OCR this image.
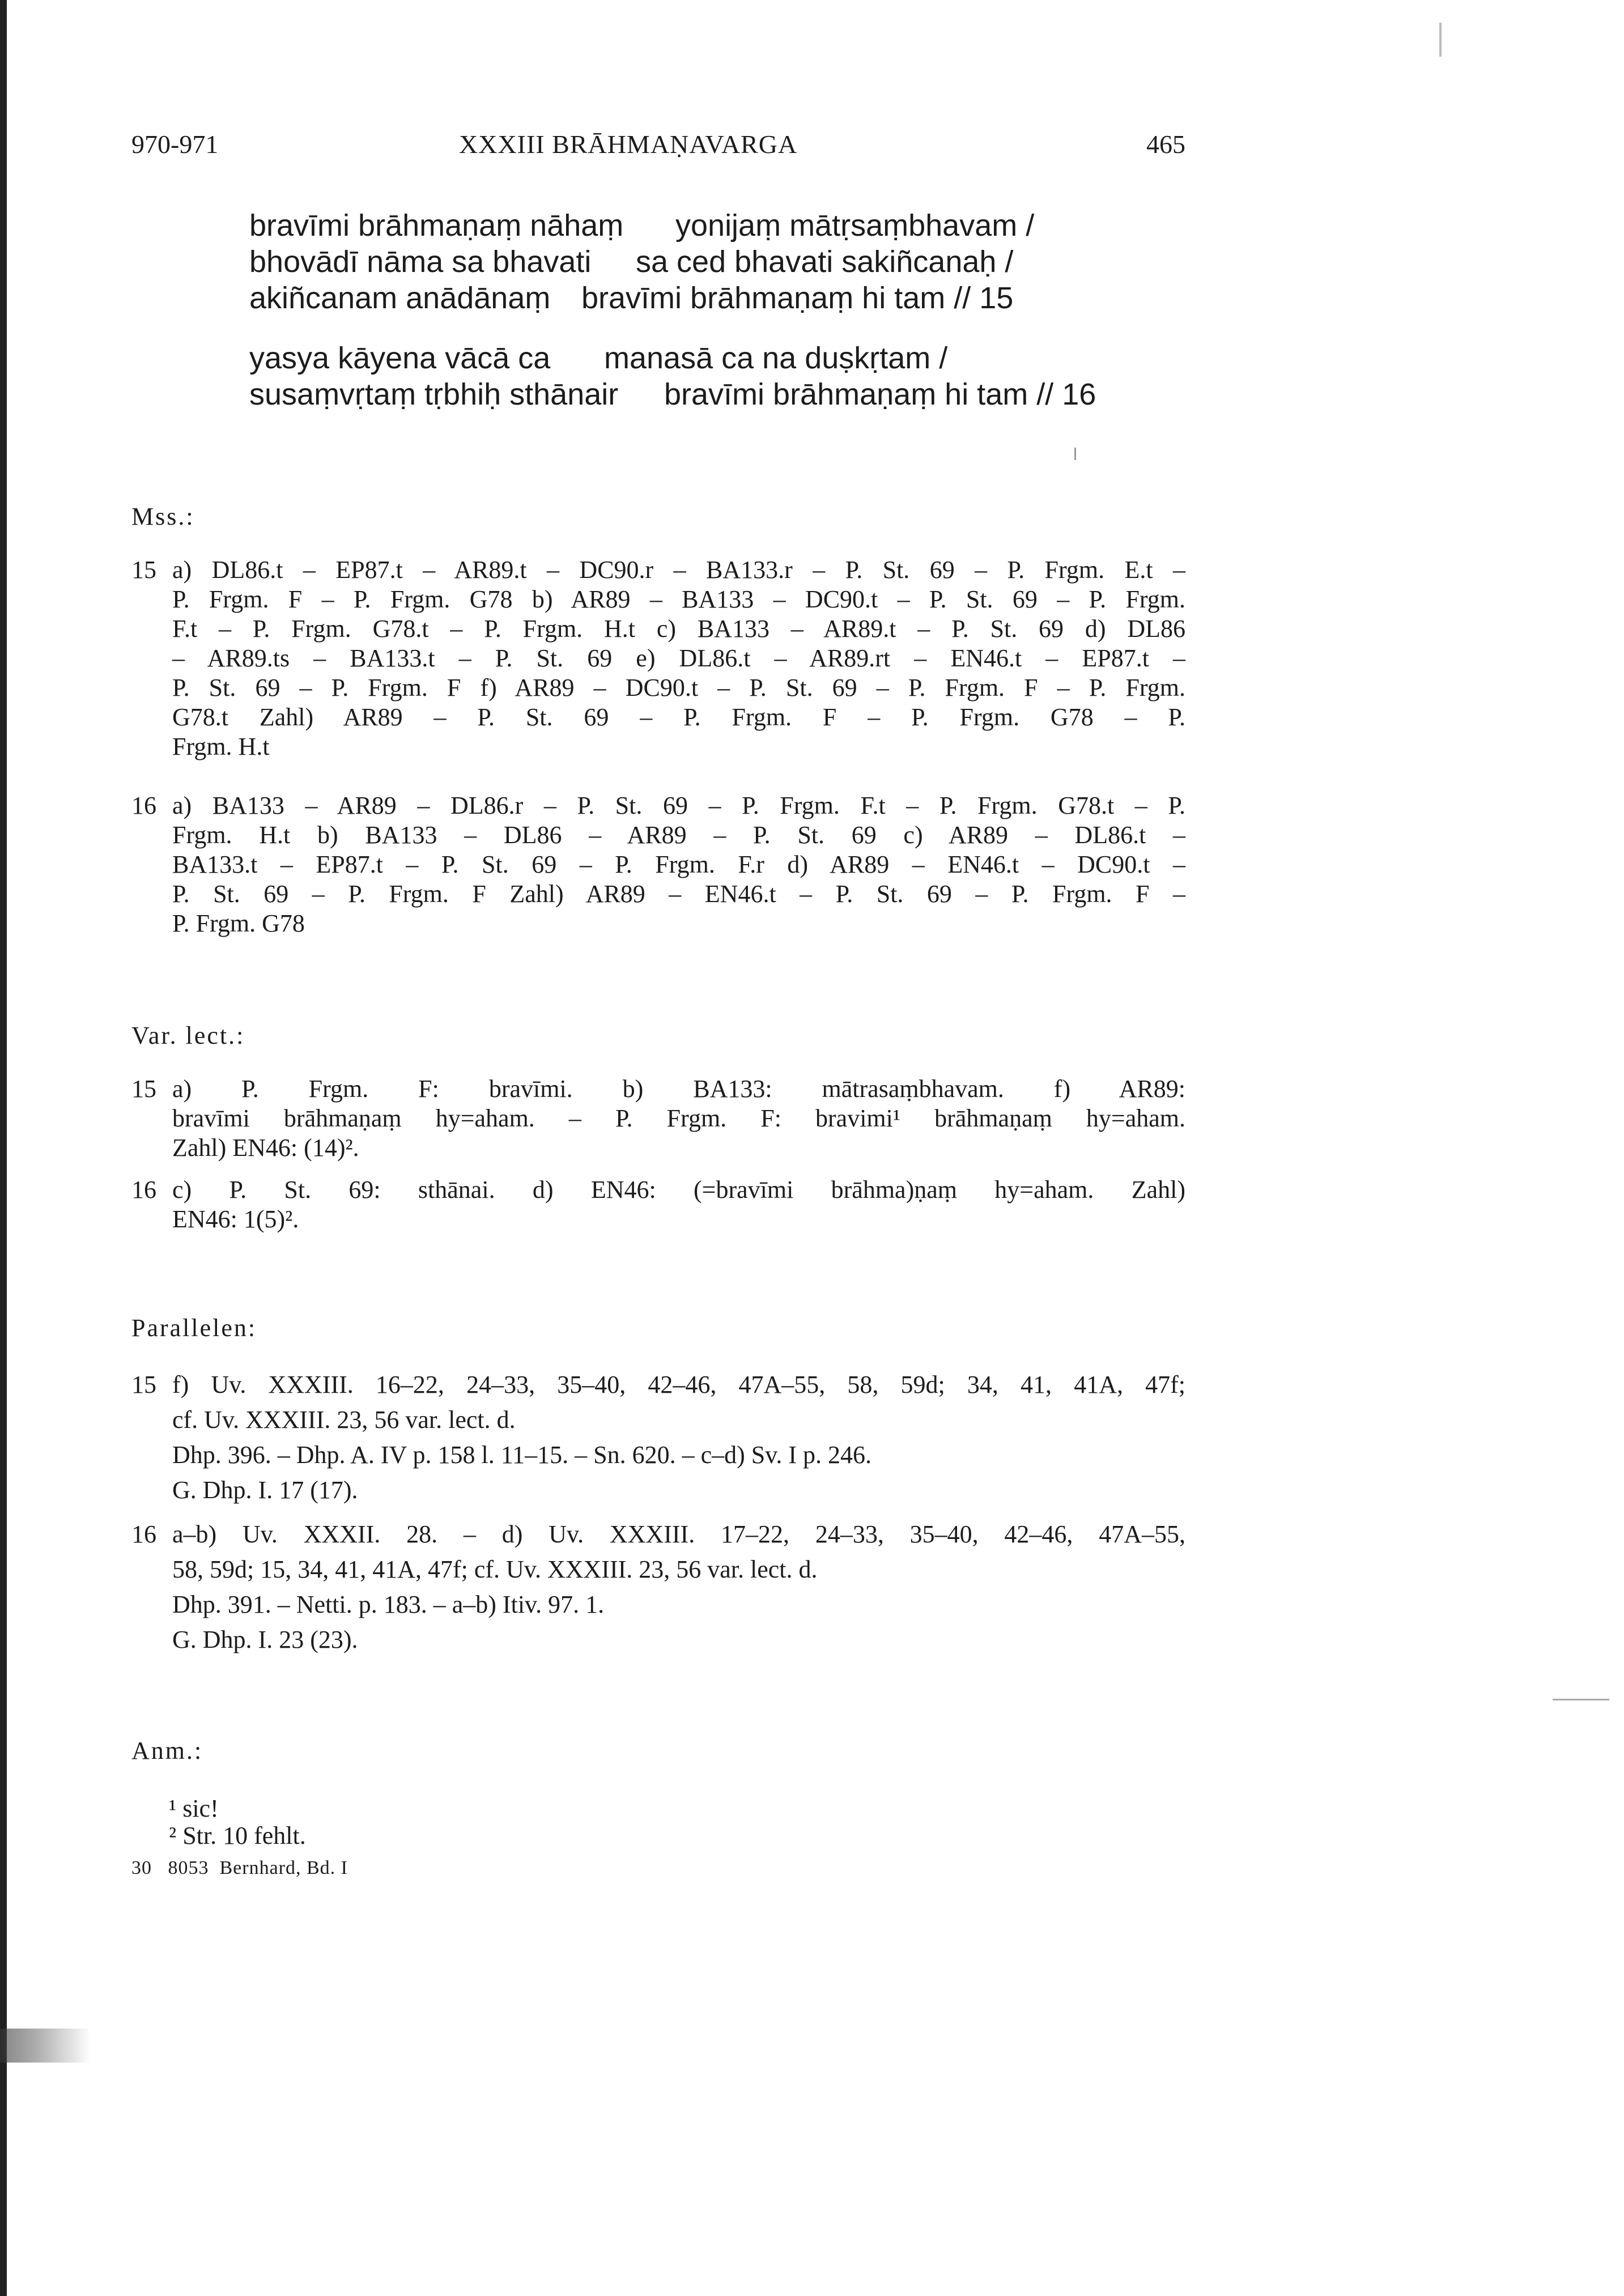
970-971	XXXIII BRĀHMAṆAVARGA	465
bravīmi brāhmaṇaṃ nāhaṃ yonijaṃ mātṛsaṃbhavam /
bhovādī nāma sa bhavati sa ced bhavati sakiñcanaḥ /
akiñcanam anādānaṃ bravīmi brāhmaṇaṃ hi tam // 15
yasya kāyena vācā ca manasā ca na duṣkṛtam /
susaṃvṛtaṃ tṛbhiḥ sthānair bravīmi brāhmaṇaṃ hi tam // 16
Mss.:
15 a) DL86.t – EP87.t – AR89.t – DC90.r – BA133.r – P. St. 69 – P. Frgm. E.t –
P. Frgm. F – P. Frgm. G78 b) AR89 – BA133 – DC90.t – P. St. 69 – P. Frgm.
F.t – P. Frgm. G78.t – P. Frgm. H.t c) BA133 – AR89.t – P. St. 69 d) DL86
– AR89.ts – BA133.t – P. St. 69 e) DL86.t – AR89.rt – EN46.t – EP87.t –
P. St. 69 – P. Frgm. F f) AR89 – DC90.t – P. St. 69 – P. Frgm. F – P. Frgm.
G78.t Zahl) AR89 – P. St. 69 – P. Frgm. F – P. Frgm. G78 – P.
Frgm. H.t
16 a) BA133 – AR89 – DL86.r – P. St. 69 – P. Frgm. F.t – P. Frgm. G78.t – P.
Frgm. H.t b) BA133 – DL86 – AR89 – P. St. 69 c) AR89 – DL86.t –
BA133.t – EP87.t – P. St. 69 – P. Frgm. F.r d) AR89 – EN46.t – DC90.t –
P. St. 69 – P. Frgm. F Zahl) AR89 – EN46.t – P. St. 69 – P. Frgm. F –
P. Frgm. G78
Var. lect.:
15 a) P. Frgm. F: bravīmi. b) BA133: mātrasaṃbhavam. f) AR89:
bravīmi brāhmaṇaṃ hy=aham. – P. Frgm. F: bravimi¹ brāhmaṇaṃ hy=aham.
Zahl) EN46: (14)².
16 c) P. St. 69: sthānai. d) EN46: (=bravīmi brāhma)ṇaṃ hy=aham. Zahl)
EN46: 1(5)².
Parallelen:
15 f) Uv. XXXIII. 16–22, 24–33, 35–40, 42–46, 47A–55, 58, 59d; 34, 41, 41A, 47f;
cf. Uv. XXXIII. 23, 56 var. lect. d.
Dhp. 396. – Dhp. A. IV p. 158 l. 11–15. – Sn. 620. – c–d) Sv. I p. 246.
G. Dhp. I. 17 (17).
16 a–b) Uv. XXXII. 28. – d) Uv. XXXIII. 17–22, 24–33, 35–40, 42–46, 47A–55,
58, 59d; 15, 34, 41, 41A, 47f; cf. Uv. XXXIII. 23, 56 var. lect. d.
Dhp. 391. – Netti. p. 183. – a–b) Itiv. 97. 1.
G. Dhp. I. 23 (23).
Anm.:
¹ sic!
² Str. 10 fehlt.
30   8053  Bernhard, Bd. I
